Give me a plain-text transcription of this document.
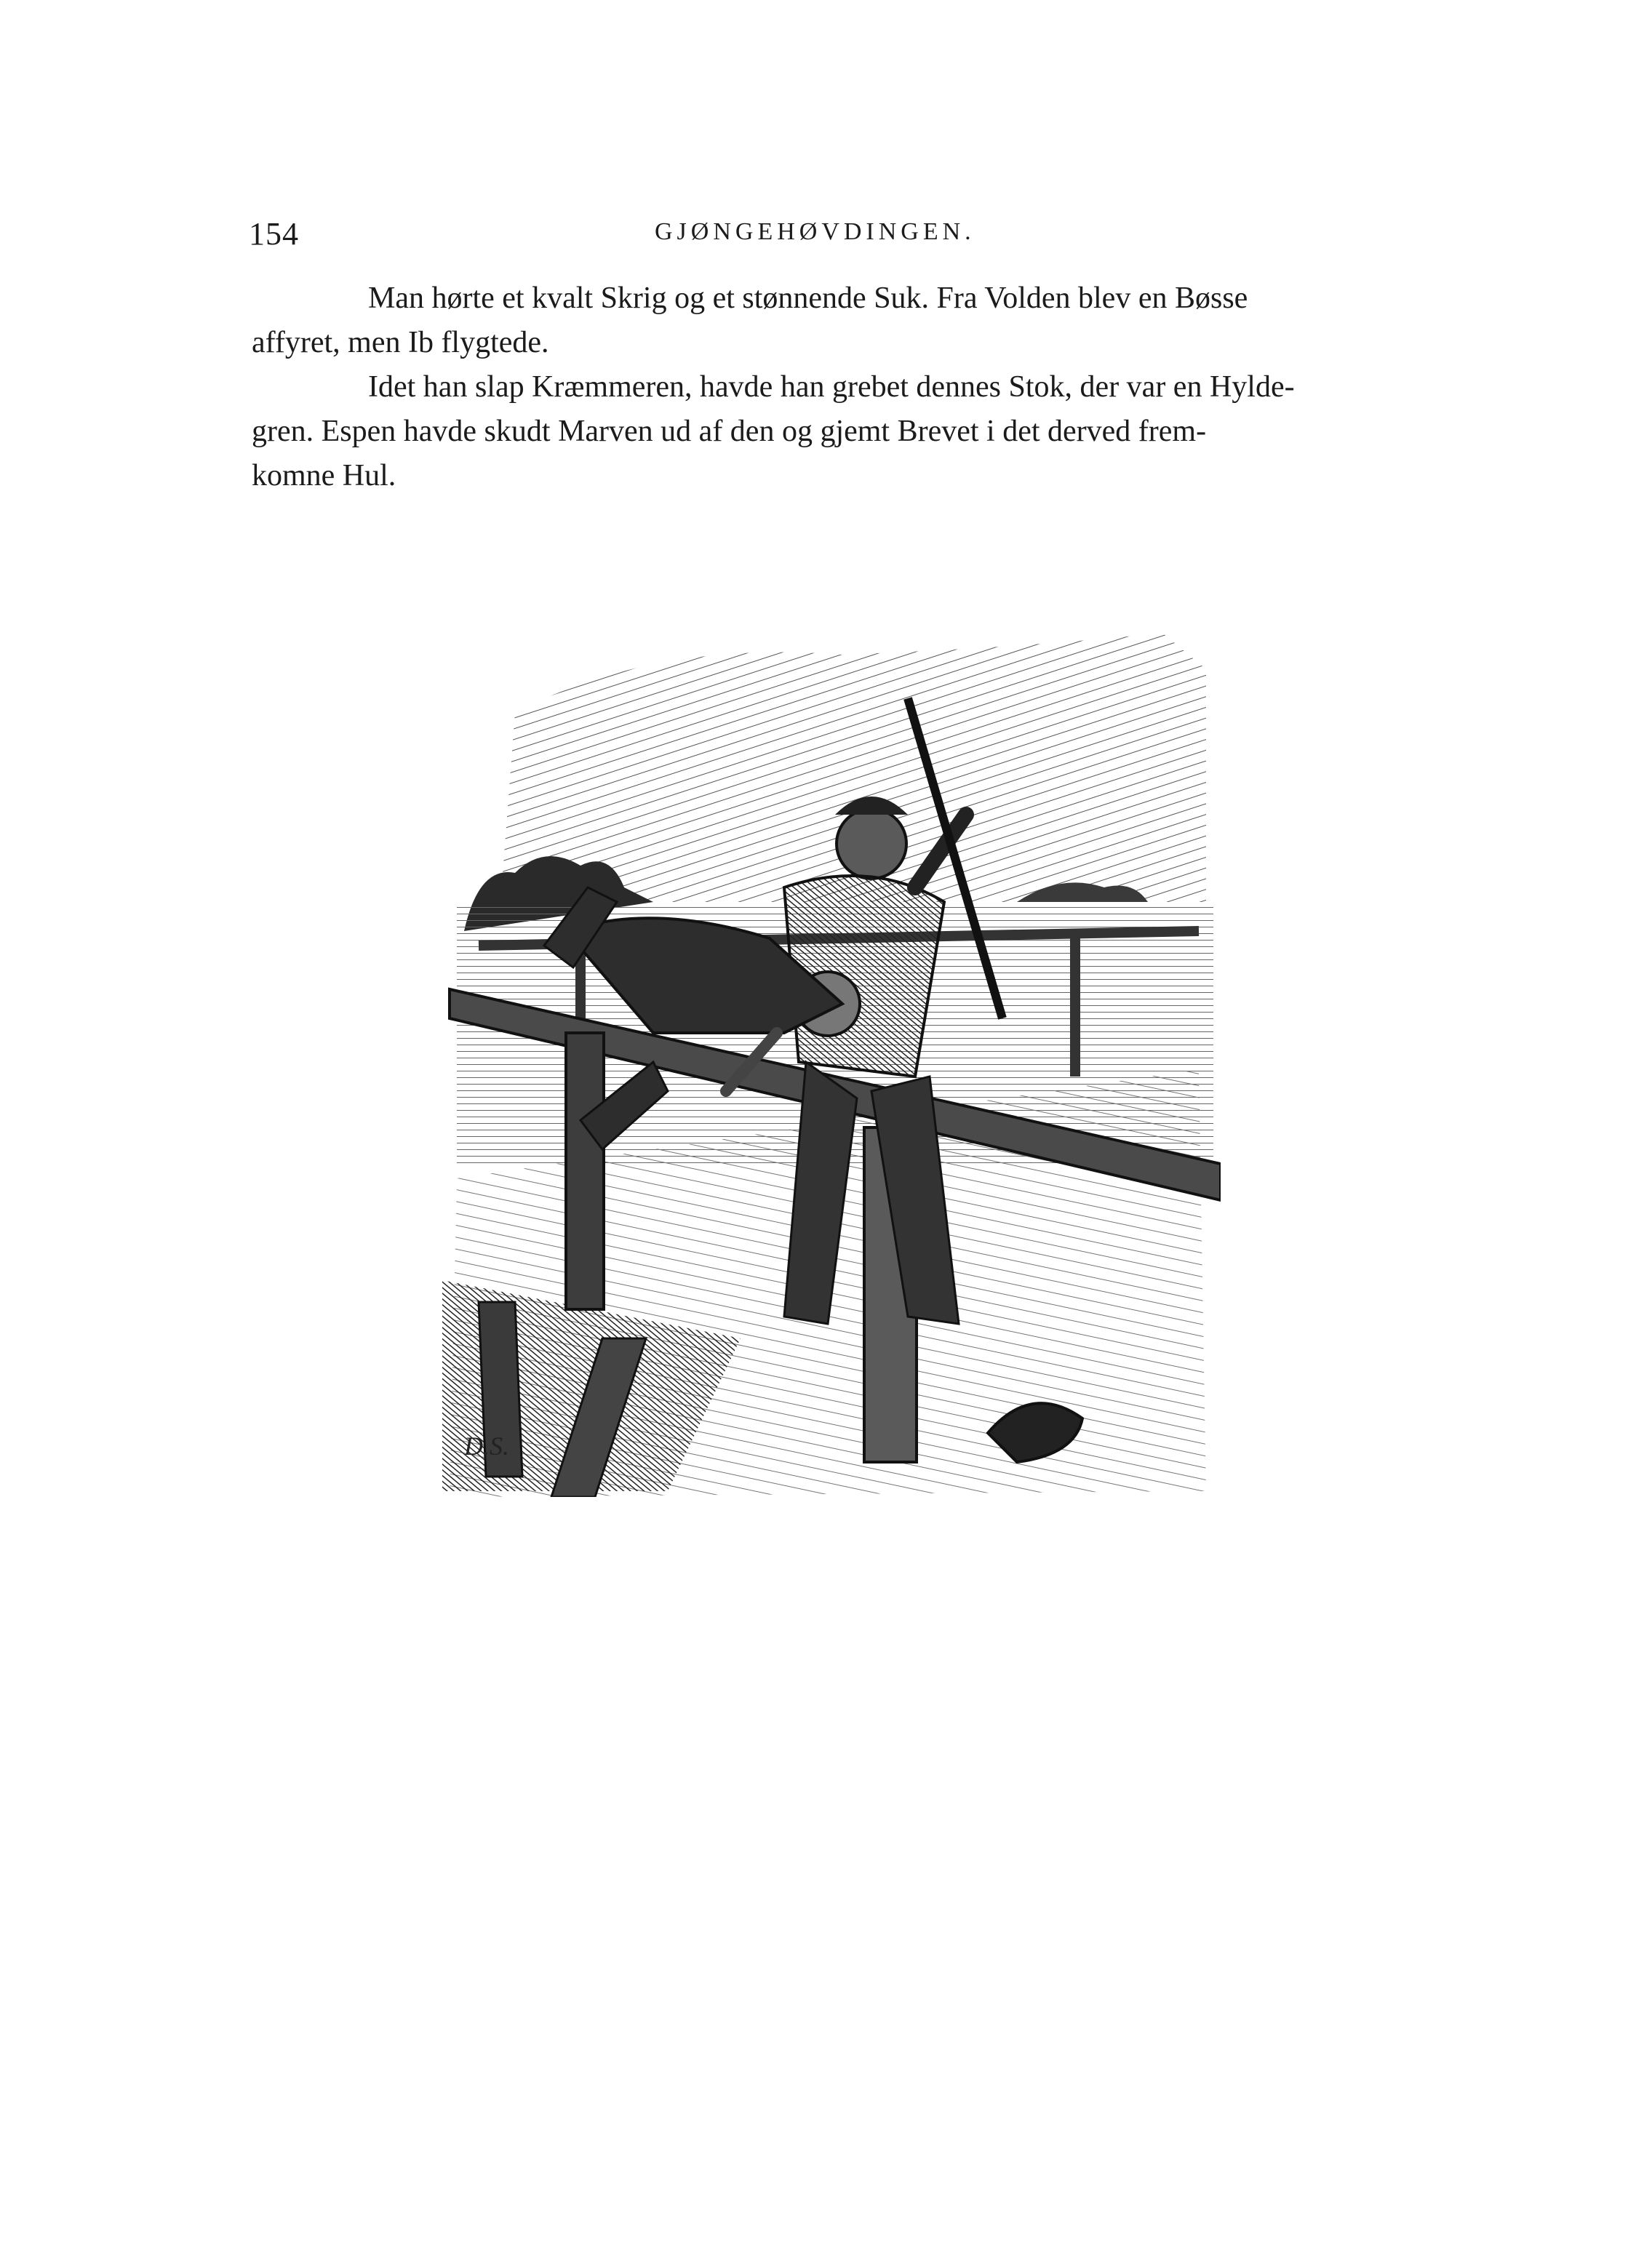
154	GJØNGEHØVDINGEN.

Man hørte et kvalt Skrig og et stønnende Suk. Fra Volden blev en Bøsse
affyret, men Ib flygtede.

Idet han slap Kræmmeren, havde han grebet dennes Stok, der var en Hylde-
gren. Espen havde skudt Marven ud af den og gjemt Brevet i det derved frem-
komne Hul.

D.S.
